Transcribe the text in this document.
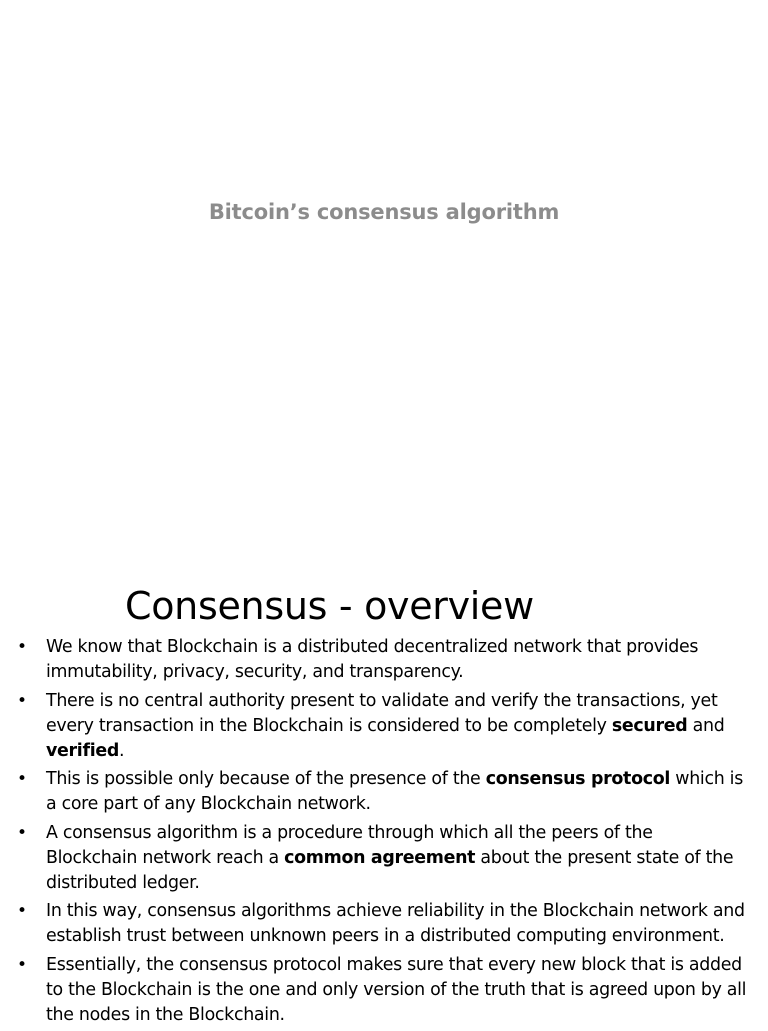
Bitcoin’s consensus algorithm
Consensus - overview
• We know that Blockchain is a distributed decentralized network that provides immutability, privacy, security, and transparency.
• There is no central authority present to validate and verify the transactions, yet every transaction in the Blockchain is considered to be completely secured and verified.
• This is possible only because of the presence of the consensus protocol which is a core part of any Blockchain network.
• A consensus algorithm is a procedure through which all the peers of the Blockchain network reach a common agreement about the present state of the distributed ledger.
• In this way, consensus algorithms achieve reliability in the Blockchain network and establish trust between unknown peers in a distributed computing environment.
• Essentially, the consensus protocol makes sure that every new block that is added to the Blockchain is the one and only version of the truth that is agreed upon by all the nodes in the Blockchain.
